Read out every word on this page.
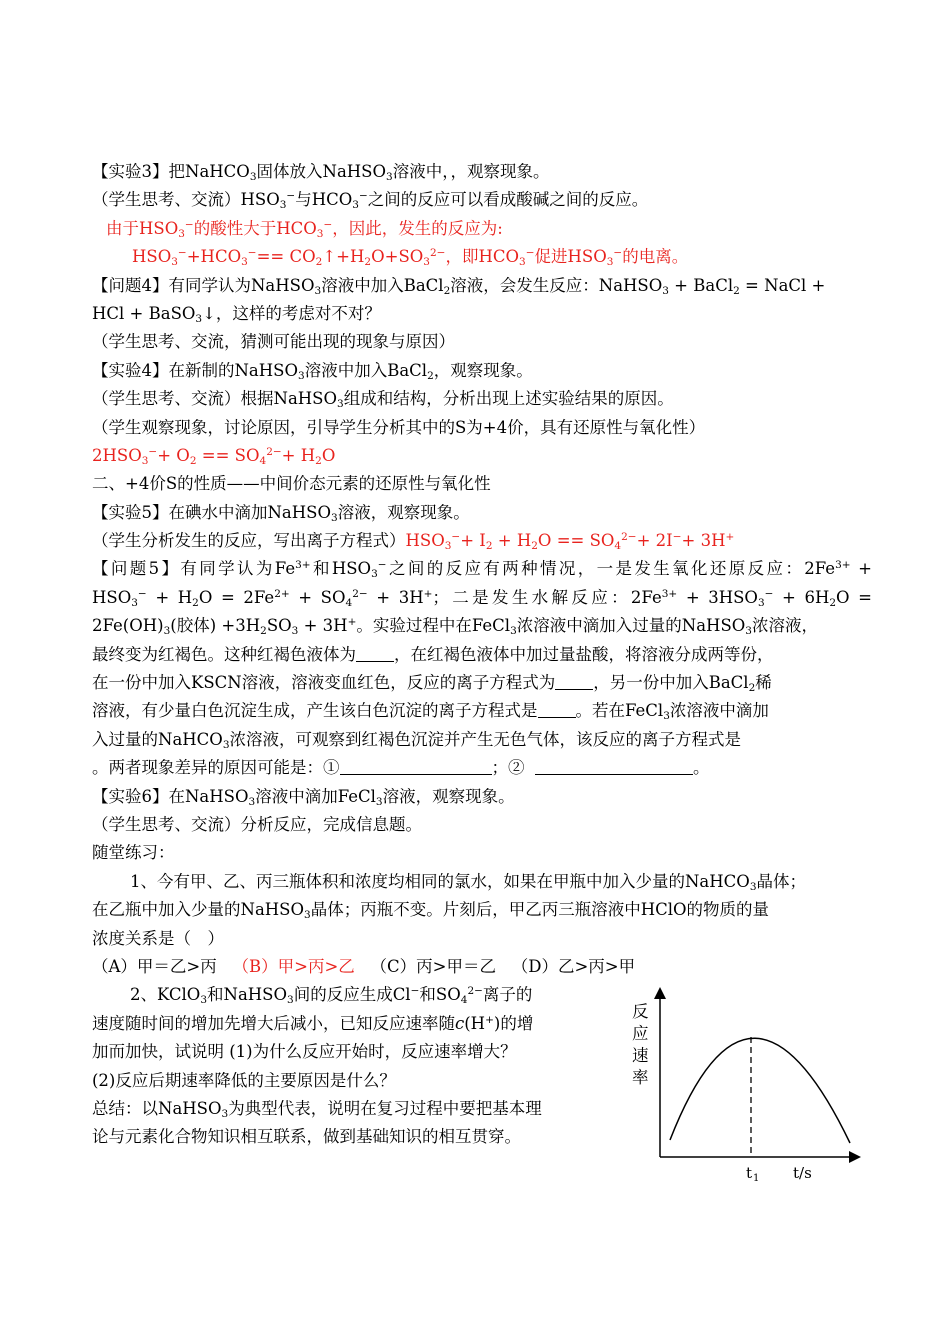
【实验3】把NaHCO$_3$固体放入NaHSO$_3$溶液中，，观察现象。
（学生思考、交流）$HSO_3^-$与$HCO_3^-$之间的反应可以看成酸碱之间的反应。
由于$HSO_3^-$的酸性大于$HCO_3^-$，因此，发生的反应为:
$HSO_3^-+HCO_3^-==$ $CO_2↑+H_2O+SO_3^{2-}$，即$HCO_3^-$促进$HSO_3^-$的电离。
【问题4】有同学认为NaHSO$_3$溶液中加入BaCl$_2$溶液，会发生反应：NaHSO$_3$ + BaCl$_2$ = NaCl +
HCl + BaSO$_3$↓，这样的考虑对不对？
（学生思考、交流，猜测可能出现的现象与原因）
【实验4】在新制的NaHSO$_3$溶液中加入BaCl$_2$，观察现象。
（学生思考、交流）根据NaHSO$_3$组成和结构，分析出现上述实验结果的原因。
（学生观察现象，讨论原因，引导学生分析其中的S为+4价，具有还原性与氧化性）
$2HSO_3^-+ O_2 == SO_4^{2-}+ H_2O$
二、+4价S的性质——中间价态元素的还原性与氧化性
【实验5】在碘水中滴加NaHSO$_3$溶液，观察现象。
（学生分析发生的反应，写出离子方程式）$HSO_3^-+ I_2 + H_2O == SO_4^{2-}+ 2I^-+ 3H^+$
【问题5】有同学认为$Fe^{3+}$和$HSO_3^-$之间的反应有两种情况，一是发生氧化还原反应：$2Fe^{3+}$ +
$HSO_3^- + H_2O = 2Fe^{2+} + SO_4^{2-} + 3H^+$；二是发生水解反应：$2Fe^{3+} + 3HSO_3^- + 6H_2O$ =
$2Fe(OH)_3$(胶体) $+3H_2SO_3 + 3H^+$。实验过程中在FeCl$_3$浓溶液中滴加入过量的NaHSO$_3$浓溶液，
最终变为红褐色。这种红褐色液体为 ，在红褐色液体中加过量盐酸，将溶液分成两等份，
在一份中加入KSCN溶液，溶液变血红色，反应的离子方程式为 ，另一份中加入BaCl$_2$稀
溶液，有少量白色沉淀生成，产生该白色沉淀的离子方程式是 。若在FeCl$_3$浓溶液中滴加
入过量的NaHCO$_3$浓溶液，可观察到红褐色沉淀并产生无色气体，该反应的离子方程式是
。两者现象差异的原因可能是：①	；②	。
【实验6】在NaHSO$_3$溶液中滴加FeCl$_3$溶液，观察现象。
（学生思考、交流）分析反应，完成信息题。
随堂练习：
1、今有甲、乙、丙三瓶体积和浓度均相同的氯水，如果在甲瓶中加入少量的NaHCO$_3$晶体；
在乙瓶中加入少量的NaHSO$_3$晶体；丙瓶不变。片刻后，甲乙丙三瓶溶液中HClO的物质的量
浓度关系是（　）
（A）甲＝乙>丙 （B）甲>丙>乙 （C）丙>甲＝乙 （D）乙>丙>甲
2、KClO$_3$和NaHSO$_3$间的反应生成Cl−和$SO_4^{2-}$离子的
速度随时间的增加先增大后减小，已知反应速率随c(H+)的增
加而加快，试说明 (1)为什么反应开始时，反应速率增大？
(2)反应后期速率降低的主要原因是什么？
总结：以NaHSO$_3$为典型代表，说明在复习过程中要把基本理
论与元素化合物知识相互联系，做到基础知识的相互贯穿。
反
应
速
率
t 1 t/s
